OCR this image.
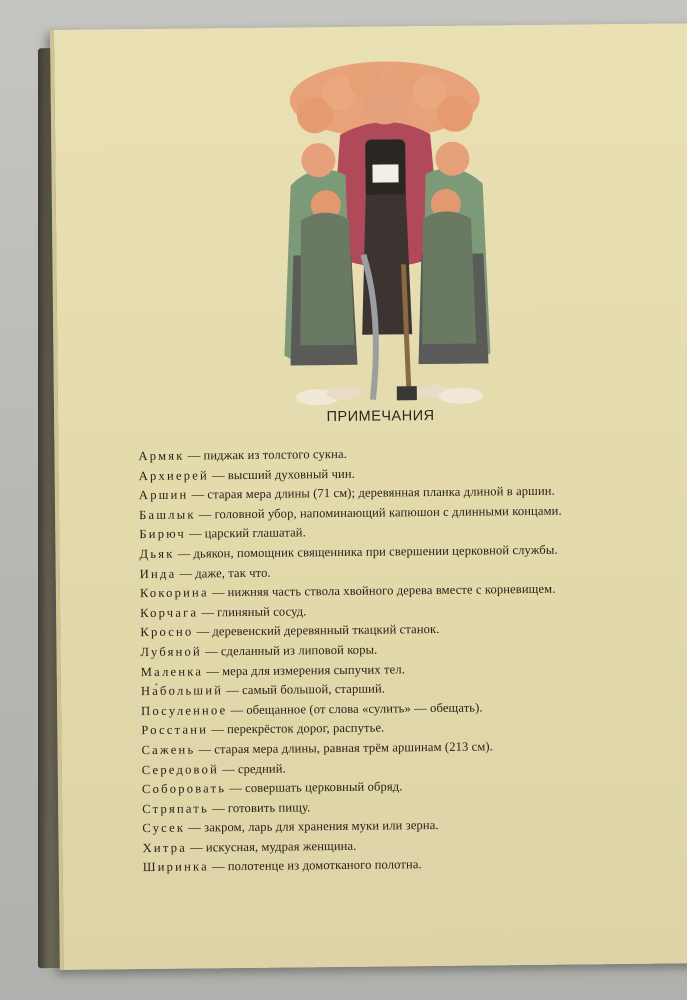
ПРИМЕЧАНИЯ
Армяк — пиджак из толстого сукна.
Архиерей — высший духовный чин.
Аршин — старая мера длины (71 см); деревянная планка длиной в аршин.
Башлык — головной убор, напоминающий капюшон с длинными концами.
Бирюч — царский глашатай.
Дьяк — дьякон, помощник священника при свершении церковной службы.
Инда — даже, так что.
Кокорина — нижняя часть ствола хвойного дерева вместе с корневищем.
Корчага — глиняный сосуд.
Кросно — деревенский деревянный ткацкий станок.
Лубяной — сделанный из липовой коры.
Маленка — мера для измерения сыпучих тел.
На́больший — самый большой, старший.
Посуленное — обещанное (от слова «сулить» — обещать).
Росстани — перекрёсток дорог, распутье.
Сажень — старая мера длины, равная трём аршинам (213 см).
Середовой — средний.
Соборовать — совершать церковный обряд.
Стряпать — готовить пищу.
Сусек — закром, ларь для хранения муки или зерна.
Хитра — искусная, мудрая женщина.
Ширинка — полотенце из домотканого полотна.
